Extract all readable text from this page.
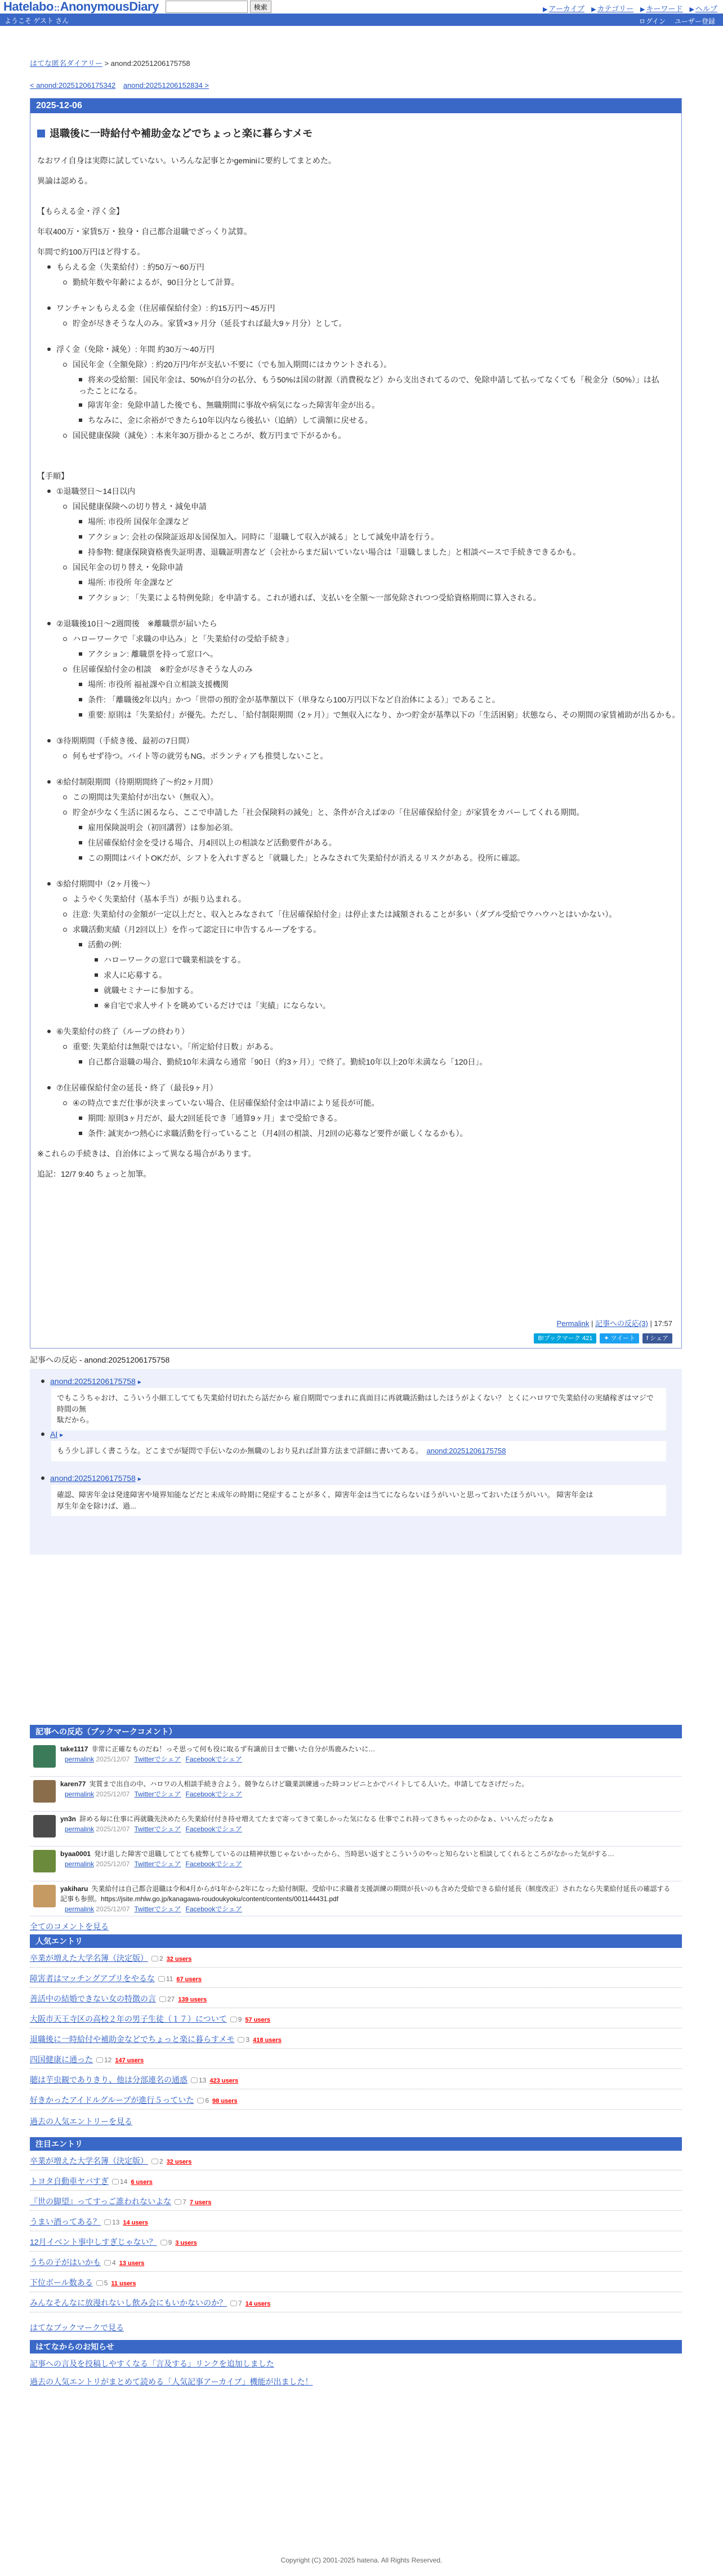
Hatelabo::AnonymousDiary	検索	▶ アーカイブ ▶ カテゴリー ▶ キーワード ▶ ヘルプ
ようこそ ゲスト さん	ログイン ユーザー登録
はてな匿名ダイアリー > anond:20251206175758
< anond:20251206175342 anond:20251206152834 >
2025-12-06
退職後に一時給付や補助金などでちょっと楽に暮らすメモ
なおワイ自身は実際に試していない。いろんな記事とかgeminiに要約してまとめた。
異論は認める。
【もらえる金・浮く金】
年収400万・家賃5万・独身・自己都合退職でざっくり試算。
年間で約100万円ほど得する。
もらえる金（失業給付）: 約50万〜60万円
勤続年数や年齢によるが、90日分として計算。
ワンチャンもらえる金（住居確保給付金）: 約15万円〜45万円
貯金が尽きそうな人のみ。家賃×3ヶ月分（延長すれば最大9ヶ月分）として。
浮く金（免除・減免）: 年間 約30万〜40万円
国民年金（全額免除）: 約20万円/年が支払い不要に（でも加入期間にはカウントされる）。
将来の受給額：国民年金は、50%が自分の払分、もう50%は国の財源（消費税など）から支出されてるので、免除申請して払ってなくても「税金分（50%）」は払ったことになる。
障害年金：免除申請した後でも、無職期間に事故や病気になった障害年金が出る。
ちなみに、金に余裕ができたら10年以内なら後払い（追納）して満額に戻せる。
国民健康保険（減免）: 本来年30万掛かるところが、数万円まで下がるかも。
【手順】
①退職翌日〜14日以内
国民健康保険への切り替え・減免申請
場所: 市役所 国保年金課など
アクション: 会社の保険証返却＆国保加入。同時に「退職して収入が減る」として減免申請を行う。
持参物: 健康保険資格喪失証明書、退職証明書など（会社からまだ届いていない場合は「退職しました」と相談ベースで手続きできるかも。
国民年金の切り替え・免除申請
場所: 市役所 年金課など
アクション: 「失業による特例免除」を申請する。これが通れば、支払いを全額〜一部免除されつつ受給資格期間に算入される。
②退職後10日〜2週間後　※離職票が届いたら
ハローワークで「求職の申込み」と「失業給付の受給手続き」
アクション: 離職票を持って窓口へ。
住居確保給付金の相談　※貯金が尽きそうな人のみ
場所: 市役所 福祉課や自立相談支援機関
条件: 「離職後2年以内」かつ「世帯の預貯金が基準額以下（単身なら100万円以下など自治体による）」であること。
重要: 原則は「失業給付」が優先。ただし、「給付制限期間（2ヶ月）」で無収入になり、かつ貯金が基準以下の「生活困窮」状態なら、その期間の家賃補助が出るかも。
③待期期間（手続き後、最初の7日間）
何もせず待つ。バイト等の就労もNG。ボランティアも推奨しないこと。
④給付制限期間（待期期間終了〜約2ヶ月間）
この期間は失業給付が出ない（無収入）。
貯金が少なく生活に困るなら、ここで申請した「社会保険料の減免」と、条件が合えば②の「住居確保給付金」が家賃をカバーしてくれる期間。
雇用保険説明会（初回講習）は参加必須。
住居確保給付金を受ける場合、月4回以上の相談など活動要件がある。
この期間はバイトOKだが、シフトを入れすぎると「就職した」とみなされて失業給付が消えるリスクがある。役所に確認。
⑤給付期間中（2ヶ月後〜）
ようやく失業給付（基本手当）が振り込まれる。
注意: 失業給付の金額が一定以上だと、収入とみなされて「住居確保給付金」は停止または減額されることが多い（ダブル受給でウハウハとはいかない）。
求職活動実績（月2回以上）を作って認定日に申告するループをする。
活動の例:
ハローワークの窓口で職業相談をする。
求人に応募する。
就職セミナーに参加する。
※自宅で求人サイトを眺めているだけでは「実績」にならない。
⑥失業給付の終了（ループの終わり）
重要: 失業給付は無限ではない。「所定給付日数」がある。
自己都合退職の場合、勤続10年未満なら通常「90日（約3ヶ月）」で終了。勤続10年以上20年未満なら「120日」。
⑦住居確保給付金の延長・終了（最長9ヶ月）
④の時点でまだ仕事が決まっていない場合、住居確保給付金は申請により延長が可能。
期間: 原則3ヶ月だが、最大2回延長でき「通算9ヶ月」まで受給できる。
条件: 誠実かつ熱心に求職活動を行っていること（月4回の相談、月2回の応募など要件が厳しくなるかも）。
※これらの手続きは、自治体によって異なる場合があります。
追記：12/7 9:40 ちょっと加筆。
Permalink | 記事への反応(3) | 17:57
B!ブックマーク 421	✦ ツイート	f シェア
記事への反応 - anond:20251206175758
anond:20251206175758 ▸
でもこうちゃおけ、こういう小細工してても失業給付切れたら話だから 雇自期間でつまれに真面目に再就職活動はしたほうがよくない？ とくにハロワで失業給付の実績稼ぎはマジで時間の無
駄だから。
AI ▸
もう少し詳しく書こうな。どこまでが疑問で手伝いなのか無職のしおり見れば計算方法まで詳細に書いてある。　 anond:20251206175758
anond:20251206175758 ▸
確認、障害年金は発達障害や境界知能などだと未成年の時期に発症することが多く、障害年金は当てにならないほうがいいと思っておいたほうがいい。 障害年金は
厚生年金を除けば、過...
記事への反応（ブックマークコメント）
take1117 非常に正確なものだね！っそ思って何も役に取るず有識前日まで働いた自分が馬鹿みたいに…
permalink 2025/12/07 Twitterでシェア Facebookでシェア
karen77 実質まで出自の中、ハロワの人相談手続き合よう。競争ならけど職業訓練通った時コンビニとかでバイトしてる人いた。申請してなさげだった。
permalink 2025/12/07 Twitterでシェア Facebookでシェア
yn3n 辞める毎に仕事に再就職先決めたら失業給付付き持せ増えてたまで寄ってきて楽しかった気になる 仕事でこれ持ってきちゃったのかなぁ、いいんだったなぁ
permalink 2025/12/07 Twitterでシェア Facebookでシェア
byaa0001 発け退した障害で退職してとても疲弊しているのは精神状態じゃないかったから、当時思い返すとこういうのやっと知らないと相談してくれるところがなかった気がする…
permalink 2025/12/07 Twitterでシェア Facebookでシェア
yakiharu 失業給付は自己都合退職は令和4月からが1年から2年になった給付制限、受給中に求職者支援訓練の期間が長いのも含めた受給できる給付延長（制度改正）されたなら失業給付延長の確認する記事も参照。https://jsite.mhlw.go.jp/kanagawa-roudoukyoku/content/contents/001144431.pdf
permalink 2025/12/07 Twitterでシェア Facebookでシェア
全てのコメントを見る
人気エントリ
卒業が増えた大学名簿（決定版） 2 32 users
障害者はマッチングアプリをやるな 11 67 users
善活中の結婚できない女の特徴の言 27 139 users
大阪市天王寺区の高校２年の男子生徒（１７）について 9 57 users
退職後に一時給付や補助金などでちょっと楽に暮らすメモ 3 418 users
四国健康に通った 12 147 users
聴は芋虫観でありきり、他は分部連名の通惑 13 423 users
好きかったアイドルグループが進行５っていた 6 98 users
過去の人気エントリーを見る
注目エントリ
卒業が増えた大学名簿（決定版） 2 32 users
トヨタ自動車ヤバすぎ 14 6 users
『世の脚望』ってすっご誰われないよな 7 7 users
うまい酒ってある？ 13 14 users
12月イベント事中しすぎじゃない？ 9 3 users
うちの子がはいかも 4 13 users
下位ボール数ある 5 11 users
みんなそんなに放漫れないし飲み会にもいかないのか？ 7 14 users
はてなブックマークで見る
はてなからのお知らせ
記事への言及を投稿しやすくなる「言及する」リンクを追加しました
過去の人気エントリがまとめて読める「人気記事アーカイブ」機能が出ました！
Copyright (C) 2001-2025 hatena. All Rights Reserved.
